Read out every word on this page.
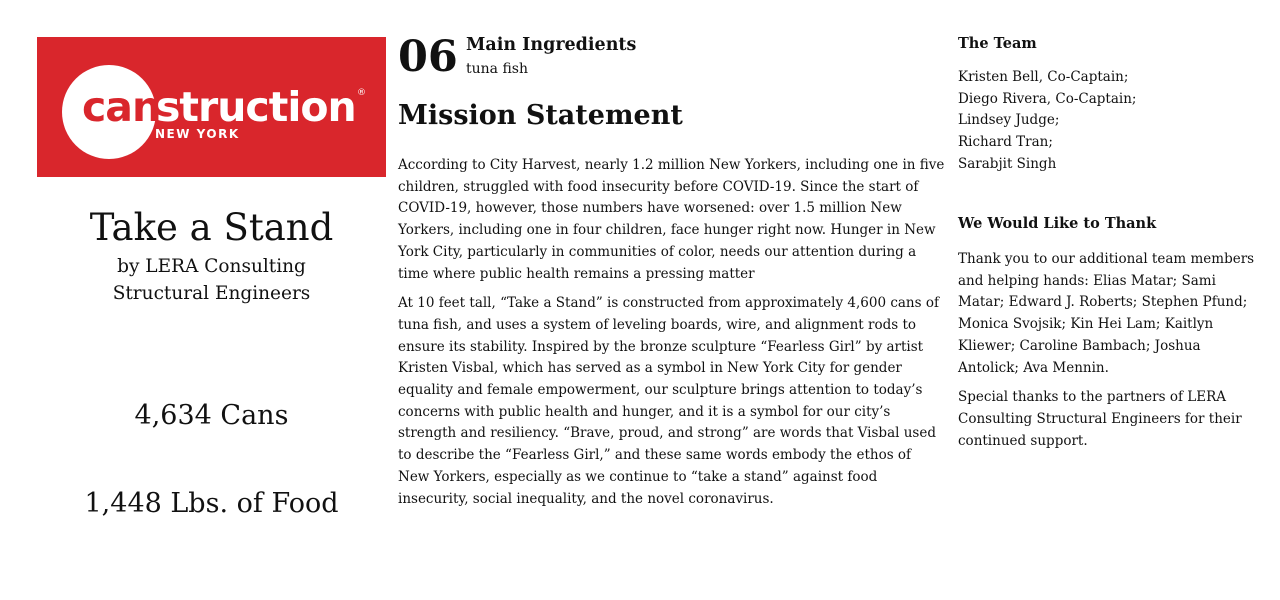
can
struction ®
NEW YORK
Take a Stand
by LERA Consulting
Structural Engineers
4,634 Cans
1,448 Lbs. of Food
06 Main Ingredients
tuna fish
Mission Statement

According to City Harvest, nearly 1.2 million New Yorkers, including one in five children, struggled with food insecurity before COVID-19. Since the start of COVID-19, however, those numbers have worsened: over 1.5 million New Yorkers, including one in four children, face hunger right now. Hunger in New York City, particularly in communities of color, needs our attention during a time where public health remains a pressing matter

At 10 feet tall, “Take a Stand” is constructed from approximately 4,600 cans of tuna fish, and uses a system of leveling boards, wire, and alignment rods to ensure its stability. Inspired by the bronze sculpture “Fearless Girl” by artist Kristen Visbal, which has served as a symbol in New York City for gender equality and female empowerment, our sculpture brings attention to today’s concerns with public health and hunger, and it is a symbol for our city’s strength and resiliency. “Brave, proud, and strong” are words that Visbal used to describe the “Fearless Girl,” and these same words embody the ethos of New Yorkers, especially as we continue to “take a stand” against food insecurity, social inequality, and the novel coronavirus.

The Team
Kristen Bell, Co-Captain;
Diego Rivera, Co-Captain;
Lindsey Judge;
Richard Tran;
Sarabjit Singh
We Would Like to Thank

Thank you to our additional team members and helping hands: Elias Matar; Sami Matar; Edward J. Roberts; Stephen Pfund; Monica Svojsik; Kin Hei Lam; Kaitlyn Kliewer; Caroline Bambach; Joshua Antolick; Ava Mennin.

Special thanks to the partners of LERA Consulting Structural Engineers for their continued support.
